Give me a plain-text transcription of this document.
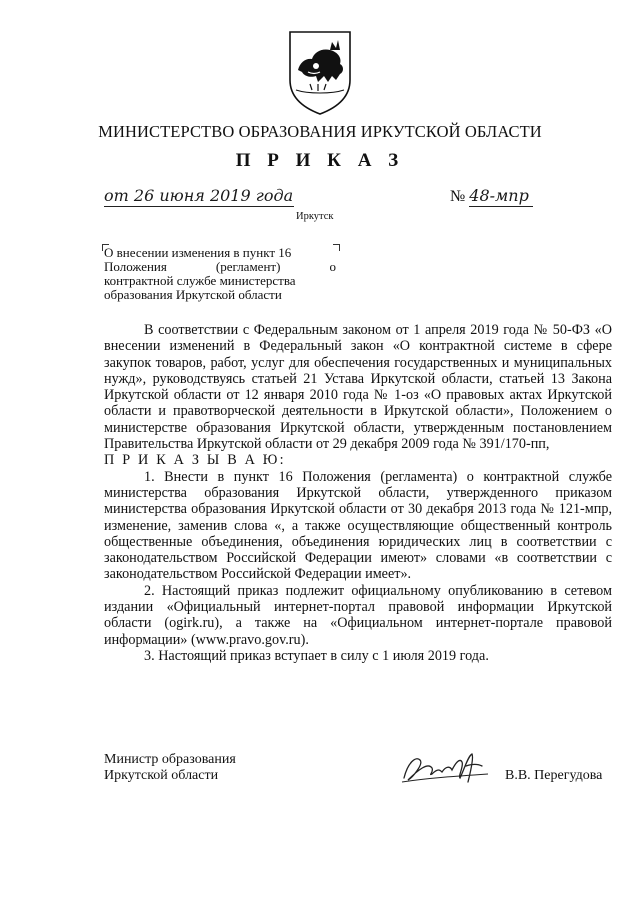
МИНИСТЕРСТВО ОБРАЗОВАНИЯ ИРКУТСКОЙ ОБЛАСТИ
П Р И К А З
от 26 июня 2019 года	№ 48-мпр
Иркутск
О внесении изменения в пункт 16
Положения	(регламент)	о
контрактной службе министерства
образования Иркутской области

В соответствии с Федеральным законом от 1 апреля 2019 года № 50-ФЗ «О внесении изменений в Федеральный закон «О контрактной системе в сфере закупок товаров, работ, услуг для обеспечения государственных и муниципальных нужд», руководствуясь статьей 21 Устава Иркутской области, статьей 13 Закона Иркутской области от 12 января 2010 года № 1-оз «О правовых актах Иркутской области и правотворческой деятельности в Иркутской области», Положением о министерстве образования Иркутской области, утвержденным постановлением Правительства Иркутской области от 29 декабря 2009 года № 391/170-пп,

П Р И К А З Ы В А Ю:

1. Внести в пункт 16 Положения (регламента) о контрактной службе министерства образования Иркутской области, утвержденного приказом министерства образования Иркутской области от 30 декабря 2013 года № 121-мпр, изменение, заменив слова «, а также осуществляющие общественный контроль общественные объединения, объединения юридических лиц в соответствии с законодательством Российской Федерации имеют» словами «в соответствии с законодательством Российской Федерации имеет».

2. Настоящий приказ подлежит официальному опубликованию в сетевом издании «Официальный интернет-портал правовой информации Иркутской области (ogirk.ru), а также на «Официальном интернет-портале правовой информации» (www.pravo.gov.ru).

3. Настоящий приказ вступает в силу с 1 июля 2019 года.

Министр образования
Иркутской области	В.В. Перегудова
